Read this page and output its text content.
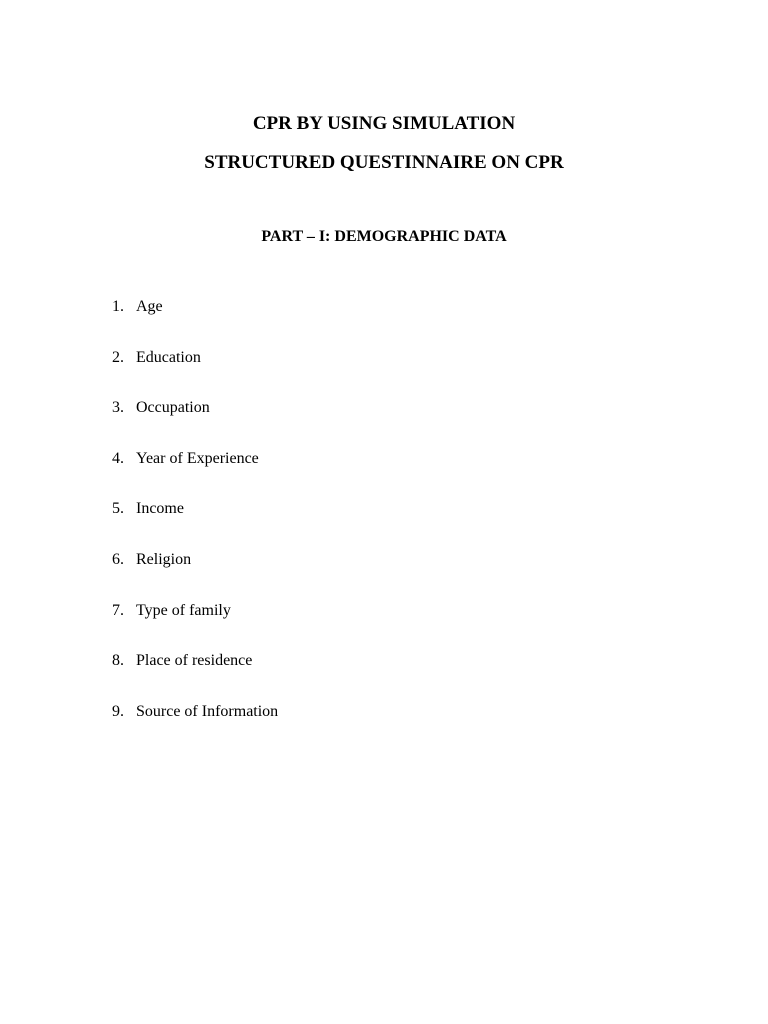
CPR BY USING SIMULATION
STRUCTURED QUESTINNAIRE ON CPR
PART – I: DEMOGRAPHIC DATA
1. Age
2. Education
3. Occupation
4. Year of Experience
5. Income
6. Religion
7. Type of family
8. Place of residence
9. Source of Information
